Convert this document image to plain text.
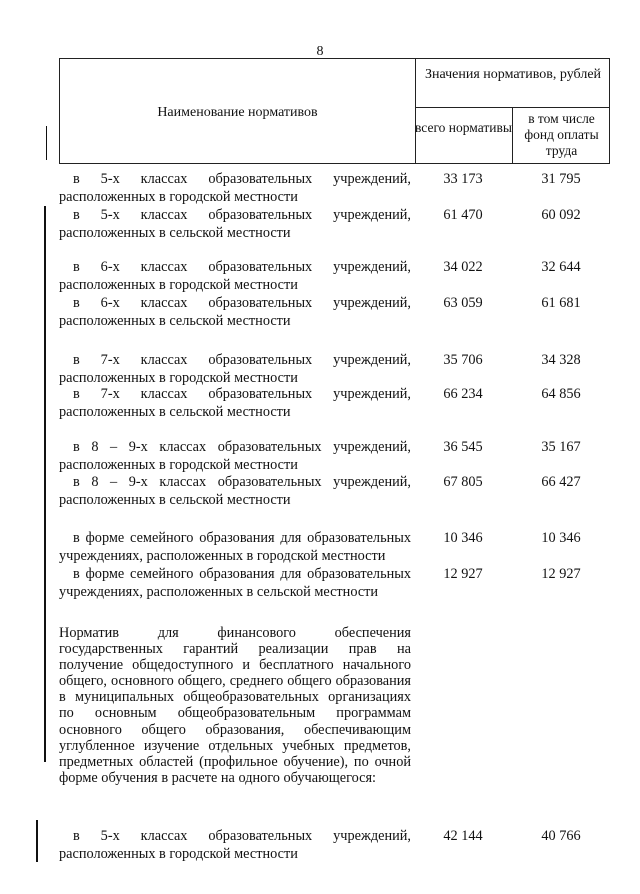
8
Наименование нормативов
Значения нормативов, рублей
всего нормативы
в том числе фонд оплаты труда
в 5-х классах образовательных учреждений, расположенных в городской местности
33 173	31 795
в 5-х классах образовательных учреждений, расположенных в сельской местности
61 470	60 092
в 6-х классах образовательных учреждений, расположенных в городской местности
34 022	32 644
в 6-х классах образовательных учреждений, расположенных в сельской местности
63 059	61 681
в 7-х классах образовательных учреждений, расположенных в городской местности
35 706	34 328
в 7-х классах образовательных учреждений, расположенных в сельской местности
66 234	64 856
в 8 – 9-х классах образовательных учреждений, расположенных в городской местности
36 545	35 167
в 8 – 9-х классах образовательных учреждений, расположенных в сельской местности
67 805	66 427
в форме семейного образования для образовательных учреждениях, расположенных в городской местности
10 346	10 346
в форме семейного образования для образовательных учреждениях, расположенных в сельской местности
12 927	12 927
Норматив для финансового обеспечения государственных гарантий реализации прав на получение общедоступного и бесплатного начального общего, основного общего, среднего общего образования в муниципальных общеобразовательных организациях по основным общеобразовательным программам основного общего образования, обеспечивающим углубленное изучение отдельных учебных предметов, предметных областей (профильное обучение), по очной форме обучения в расчете на одного обучающегося:
в 5-х классах образовательных учреждений, расположенных в городской местности
42 144	40 766
